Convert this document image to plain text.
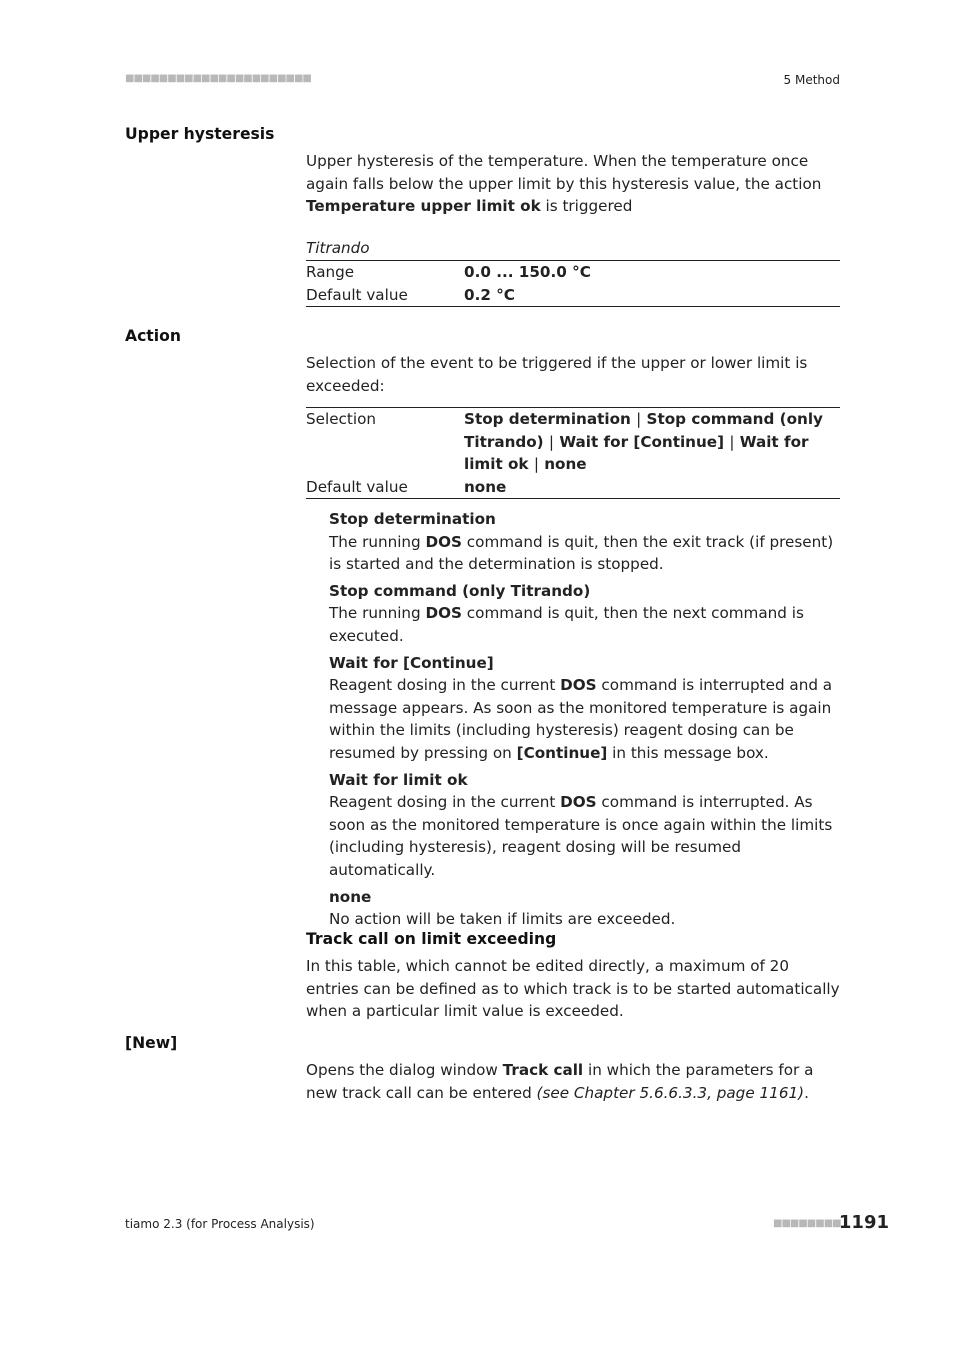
■■■■■■■■■■■■■■■■■■■■■■	5 Method
Upper hysteresis
Upper hysteresis of the temperature. When the temperature once again falls below the upper limit by this hysteresis value, the action Temperature upper limit ok is triggered
Titrando
Range	0.0 ... 150.0 °C
Default value	0.2 °C
Action
Selection of the event to be triggered if the upper or lower limit is exceeded:
Selection	Stop determination | Stop command (only Titrando) | Wait for [Continue] | Wait for limit ok | none
Default value	none
Stop determination
The running DOS command is quit, then the exit track (if present) is started and the determination is stopped.
Stop command (only Titrando)
The running DOS command is quit, then the next command is executed.
Wait for [Continue]
Reagent dosing in the current DOS command is interrupted and a message appears. As soon as the monitored temperature is again within the limits (including hysteresis) reagent dosing can be resumed by pressing on [Continue] in this message box.
Wait for limit ok
Reagent dosing in the current DOS command is interrupted. As soon as the monitored temperature is once again within the limits (including hysteresis), reagent dosing will be resumed automatically.
none
No action will be taken if limits are exceeded.
Track call on limit exceeding
In this table, which cannot be edited directly, a maximum of 20 entries can be defined as to which track is to be started automatically when a particular limit value is exceeded.
[New]
Opens the dialog window Track call in which the parameters for a new track call can be entered (see Chapter 5.6.6.3.3, page 1161).
tiamo 2.3 (for Process Analysis)	■■■■■■■■
1191
